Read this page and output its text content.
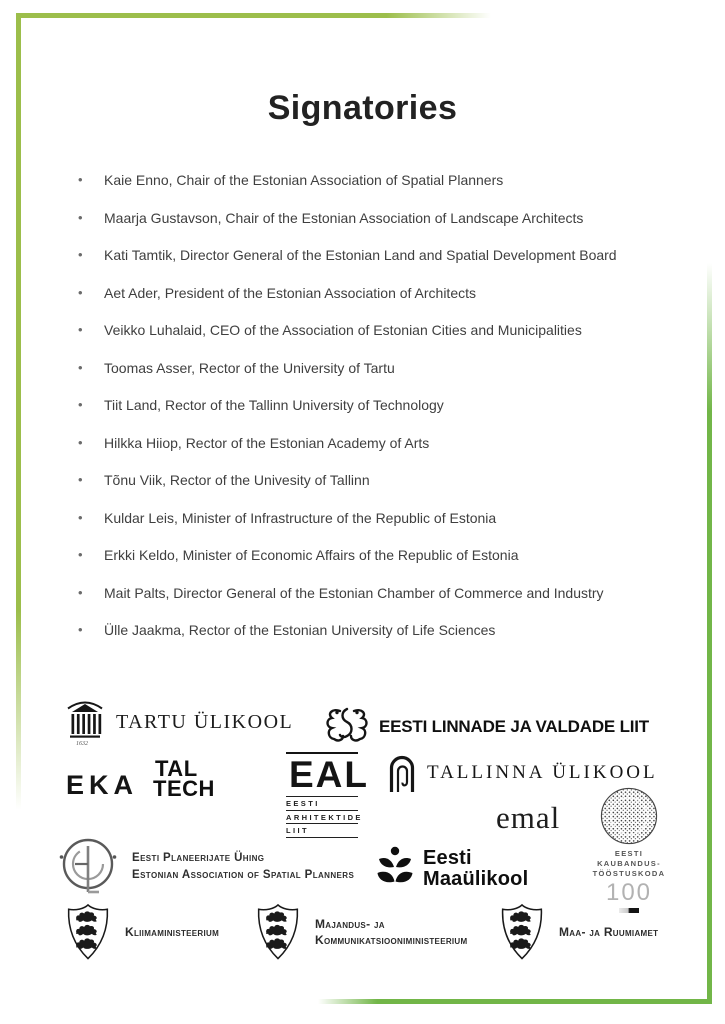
Signatories
•	Kaie Enno, Chair of the Estonian Association of Spatial Planners
•	Maarja Gustavson, Chair of the Estonian Association of Landscape Architects
•	Kati Tamtik, Director General of the Estonian Land and Spatial Development Board
•	Aet Ader, President of the Estonian Association of Architects
•	Veikko Luhalaid, CEO of the Association of Estonian Cities and Municipalities
•	Toomas Asser, Rector of the University of Tartu
•	Tiit Land, Rector of the Tallinn University of Technology
•	Hilkka Hiiop, Rector of the Estonian Academy of Arts
•	Tõnu Viik, Rector of the Univesity of Tallinn
•	Kuldar Leis, Minister of Infrastructure of the Republic of Estonia
•	Erkki Keldo, Minister of Economic Affairs of the Republic of Estonia
•	Mait Palts, Director General of the Estonian Chamber of Commerce and Industry
•	Ülle Jaakma, Rector of the Estonian University of Life Sciences
1632
TARTU ÜLIKOOL	EESTI LINNADE JA VALDADE LIIT
EKA
TAL
TECH EAL
EESTI
ARHITEKTIDE
LIIT
TALLINNA ÜLIKOOL
emal
EESTI
KAUBANDUS-
TÖÖSTUSKODA
100
Eesti Planeerijate Ühing
Estonian Association of Spatial Planners
Eesti
Maaülikool
Kliimaministeerium
Majandus- ja
Kommunikatsiooniministeerium
Maa- ja Ruumiamet
